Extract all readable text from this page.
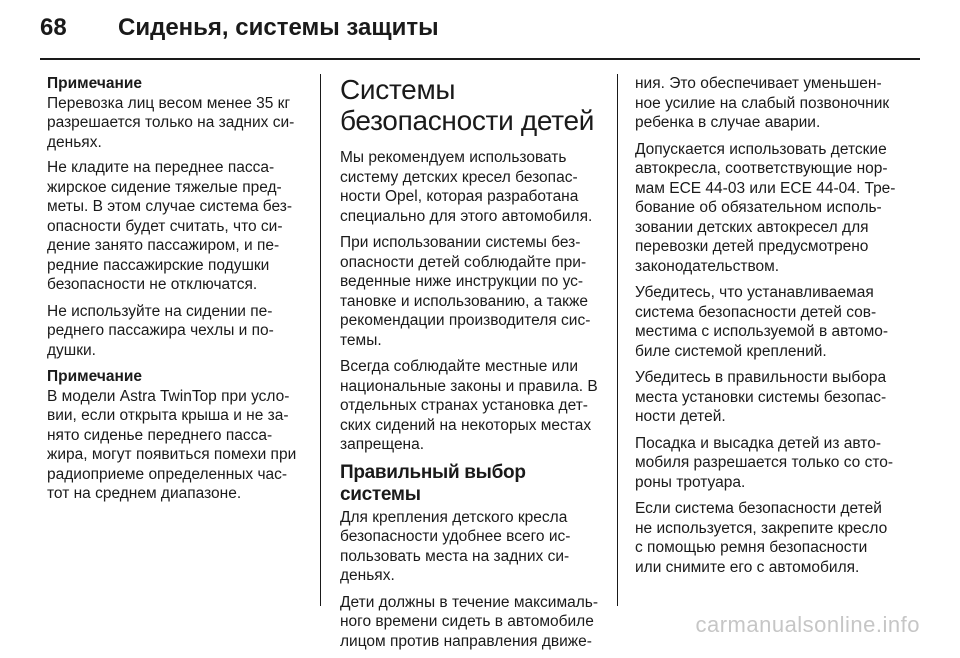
68	Сиденья, системы защиты
Примечание
Перевозка лиц весом менее 35 кг
разрешается только на задних си-
деньях.

Не кладите на переднее пасса-
жирское сидение тяжелые пред-
меты. В этом случае система без-
опасности будет считать, что си-
дение занято пассажиром, и пе-
редние пассажирские подушки
безопасности не отключатся.

Не используйте на сидении пе-
реднего пассажира чехлы и по-
душки.

Примечание
В модели Astra TwinTop при усло-
вии, если открыта крыша и не за-
нято сиденье переднего пасса-
жира, могут появиться помехи при
радиоприеме определенных час-
тот на среднем диапазоне.
Системы
безопасности детей

Мы рекомендуем использовать
систему детских кресел безопас-
ности Opel, которая разработана
специально для этого автомобиля.

При использовании системы без-
опасности детей соблюдайте при-
веденные ниже инструкции по ус-
тановке и использованию, а также
рекомендации производителя сис-
темы.

Всегда соблюдайте местные или
национальные законы и правила. В
отдельных странах установка дет-
ских сидений на некоторых местах
запрещена.

Правильный выбор системы

Для крепления детского кресла
безопасности удобнее всего ис-
пользовать места на задних си-
деньях.

Дети должны в течение максималь-
ного времени сидеть в автомобиле
лицом против направления движе-

ния. Это обеспечивает уменьшен-
ное усилие на слабый позвоночник
ребенка в случае аварии.

Допускается использовать детские
автокресла, соответствующие нор-
мам ECE 44-03 или ECE 44-04. Тре-
бование об обязательном исполь-
зовании детских автокресел для
перевозки детей предусмотрено
законодательством.

Убедитесь, что устанавливаемая
система безопасности детей сов-
местима с используемой в автомо-
биле системой креплений.

Убедитесь в правильности выбора
места установки системы безопас-
ности детей.

Посадка и высадка детей из авто-
мобиля разрешается только со сто-
роны тротуара.

Если система безопасности детей
не используется, закрепите кресло
с помощью ремня безопасности
или снимите его с автомобиля.

carmanualsonline.info
